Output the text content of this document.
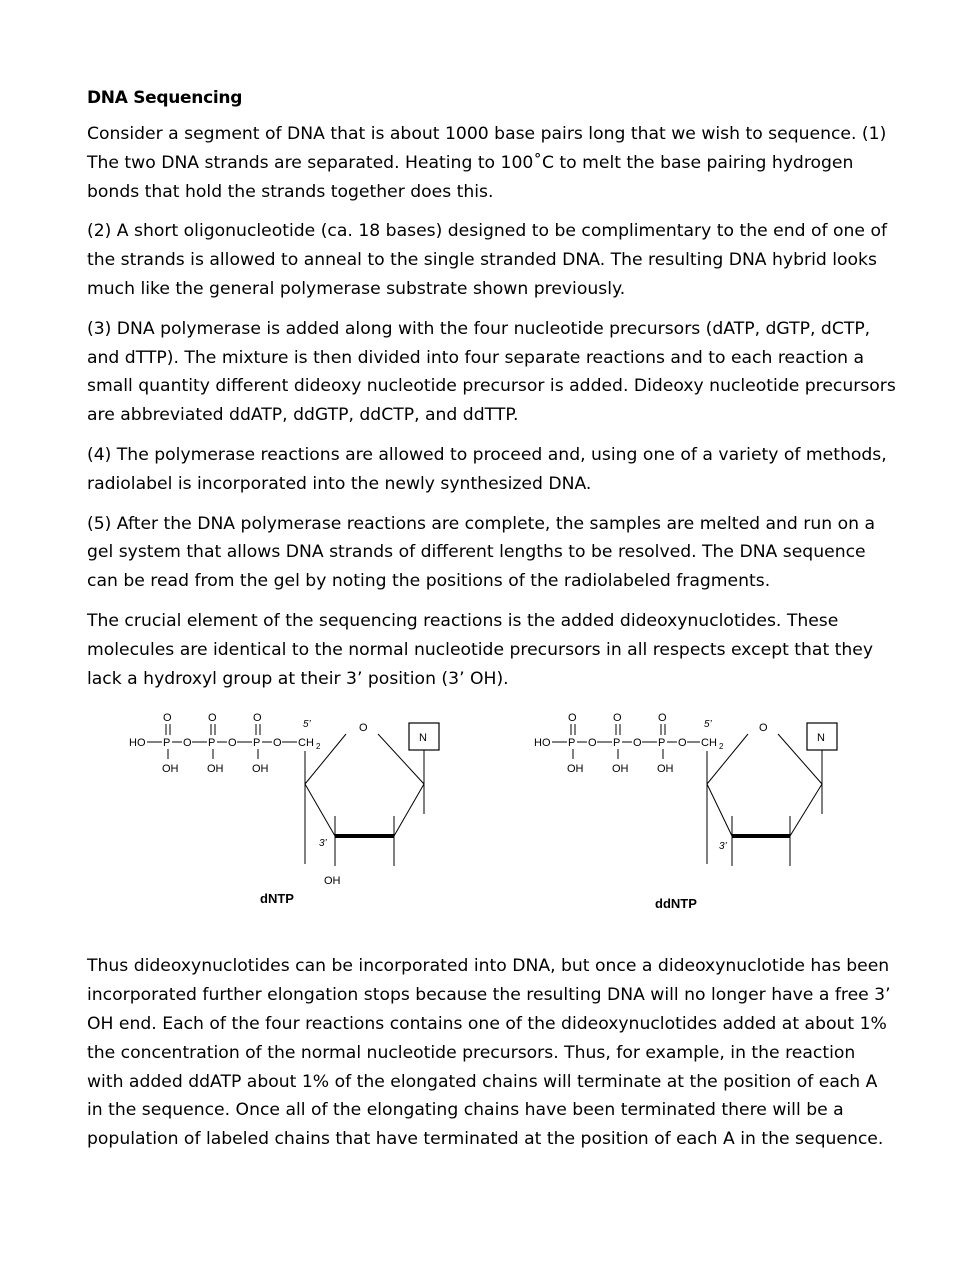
DNA Sequencing

Consider a segment of DNA that is about 1000 base pairs long that we wish to sequence. (1) The two DNA strands are separated. Heating to 100˚C to melt the base pairing hydrogen bonds that hold the strands together does this.

(2) A short oligonucleotide (ca. 18 bases) designed to be complimentary to the end of one of the strands is allowed to anneal to the single stranded DNA. The resulting DNA hybrid looks much like the general polymerase substrate shown previously.

(3) DNA polymerase is added along with the four nucleotide precursors (dATP, dGTP, dCTP, and dTTP). The mixture is then divided into four separate reactions and to each reaction a small quantity different dideoxy nucleotide precursor is added. Dideoxy nucleotide precursors are abbreviated ddATP, ddGTP, ddCTP, and ddTTP.

(4) The polymerase reactions are allowed to proceed and, using one of a variety of methods, radiolabel is incorporated into the newly synthesized DNA.

(5) After the DNA polymerase reactions are complete, the samples are melted and run on a gel system that allows DNA strands of different lengths to be resolved. The DNA sequence can be read from the gel by noting the positions of the radiolabeled fragments.

The crucial element of the sequencing reactions is the added dideoxynuclotides. These molecules are identical to the normal nucleotide precursors in all respects except that they lack a hydroxyl group at their 3’ position (3’ OH).

O	O	O
HO P O P O P O CH 2
5’
OH	OH	OH
O
N
3’
OH
dNTP
O	O	O
HO P O P O P O CH 2
5’
OH	OH	OH
O
N
3’
ddNTP

Thus dideoxynuclotides can be incorporated into DNA, but once a dideoxynuclotide has been incorporated further elongation stops because the resulting DNA will no longer have a free 3’ OH end. Each of the four reactions contains one of the dideoxynuclotides added at about 1% the concentration of the normal nucleotide precursors. Thus, for example, in the reaction with added ddATP about 1% of the elongated chains will terminate at the position of each A in the sequence. Once all of the elongating chains have been terminated there will be a population of labeled chains that have terminated at the position of each A in the sequence.
